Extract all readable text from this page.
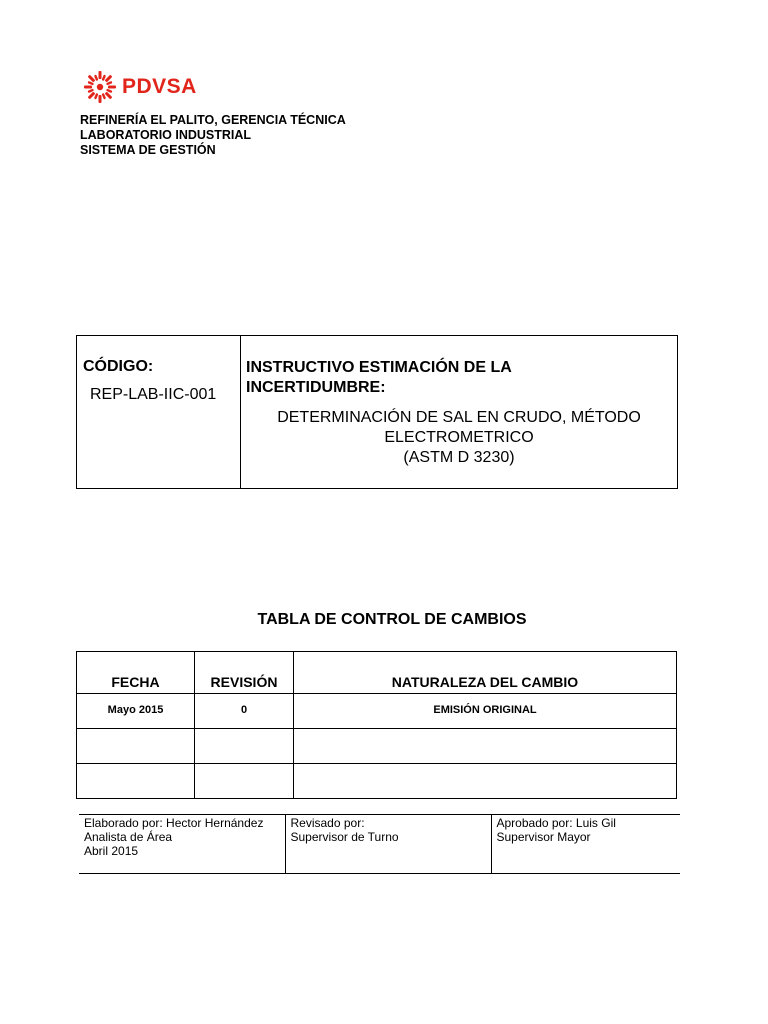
PDVSA
REFINERÍA EL PALITO, GERENCIA TÉCNICA
LABORATORIO INDUSTRIAL
SISTEMA DE GESTIÓN
CÓDIGO:
REP-LAB-IIC-001
INSTRUCTIVO ESTIMACIÓN DE LA
INCERTIDUMBRE:
DETERMINACIÓN DE SAL EN CRUDO, MÉTODO
ELECTROMETRICO
(ASTM D 3230)
TABLA DE CONTROL DE CAMBIOS
FECHA	REVISIÓN	NATURALEZA DEL CAMBIO
Mayo 2015	0	EMISIÓN ORIGINAL

Elaborado por: Hector Hernández
Analista de Área
Abril 2015

Revisado por:
Supervisor de Turno

Aprobado por: Luis Gil
Supervisor Mayor
